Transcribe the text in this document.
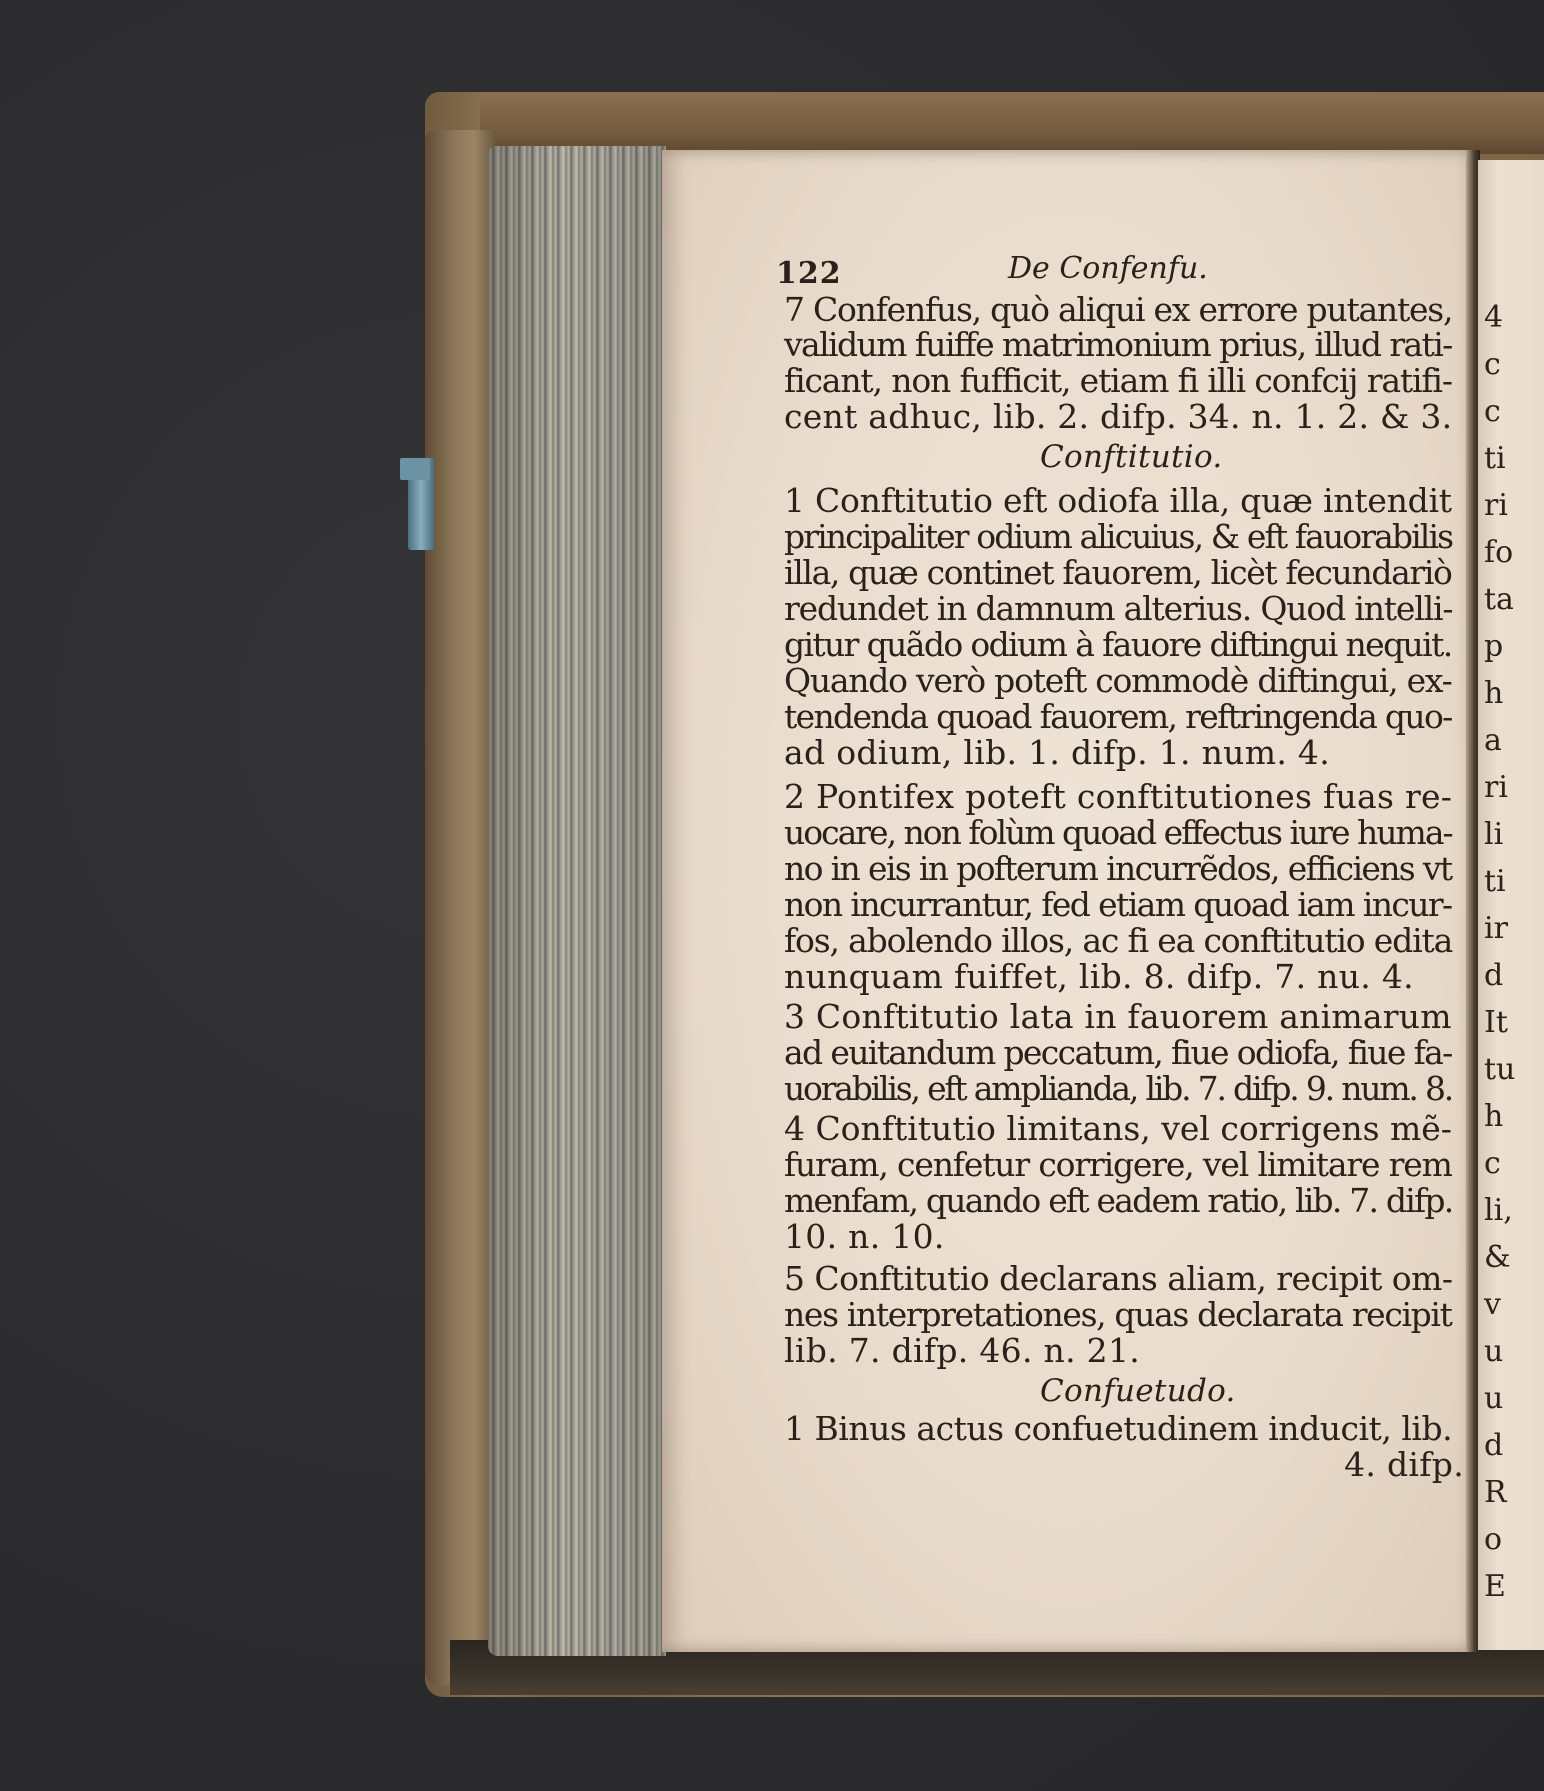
4
c
c
ti
ri
fo
ta
p
h
a
ri
li
ti
ir
d
It
tu
h
c
li,
&
v
u
u
d
R
o
E
122	De Confenfu.
7 Confenfus, quò aliqui ex errore putantes,
validum fuiffe matrimonium prius, illud rati-
ficant, non fufficit, etiam fi illi confcij ratifi-
cent adhuc, lib. 2. difp. 34. n. 1. 2. & 3.
Conftitutio.
1 Conftitutio eft odiofa illa, quæ intendit
principaliter odium alicuius, & eft fauorabilis
illa, quæ continet fauorem, licèt fecundariò
redundet in damnum alterius. Quod intelli-
gitur quãdo odium à fauore diftingui nequit.
Quando verò poteft commodè diftingui, ex-
tendenda quoad fauorem, reftringenda quo-
ad odium, lib. 1. difp. 1. num. 4.
2 Pontifex poteft conftitutiones fuas re-
uocare, non folùm quoad effectus iure huma-
no in eis in pofterum incurrẽdos, efficiens vt
non incurrantur, fed etiam quoad iam incur-
fos, abolendo illos, ac fi ea conftitutio edita
nunquam fuiffet, lib. 8. difp. 7. nu. 4.
3 Conftitutio lata in fauorem animarum
ad euitandum peccatum, fiue odiofa, fiue fa-
uorabilis, eft amplianda, lib. 7. difp. 9. num. 8.
4 Conftitutio limitans, vel corrigens mẽ-
furam, cenfetur corrigere, vel limitare rem
menfam, quando eft eadem ratio, lib. 7. difp.
10. n. 10.
5 Conftitutio declarans aliam, recipit om-
nes interpretationes, quas declarata recipit
lib. 7. difp. 46. n. 21.
Confuetudo.
1 Binus actus confuetudinem inducit, lib.
4. difp.
